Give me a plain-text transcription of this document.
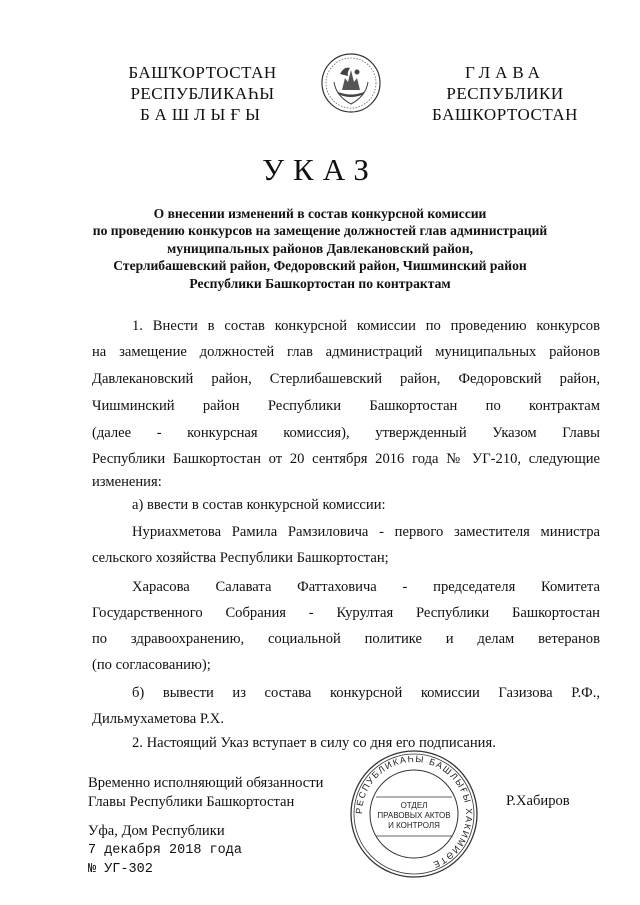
БАШҠОРТОСТАН
РЕСПУБЛИКАҺЫ
БАШЛЫҒЫ
ГЛАВА
РЕСПУБЛИКИ
БАШКОРТОСТАН
УКАЗ
О внесении изменений в состав конкурсной комиссии
по проведению конкурсов на замещение должностей глав администраций
муниципальных районов Давлекановский район,
Стерлибашевский район, Федоровский район, Чишминский район
Республики Башкортостан по контрактам
1. Внести в состав конкурсной комиссии по проведению конкурсов
на замещение должностей глав администраций муниципальных районов
Давлекановский район, Стерлибашевский район, Федоровский район,
Чишминский район Республики Башкортостан по контрактам
(далее - конкурсная комиссия), утвержденный Указом Главы
Республики Башкортостан от 20 сентября 2016 года № УГ-210, следующие
изменения:
а) ввести в состав конкурсной комиссии:
Нуриахметова Рамила Рамзиловича - первого заместителя министра
сельского хозяйства Республики Башкортостан;
Харасова Салавата Фаттаховича - председателя Комитета
Государственного Собрания - Курултая Республики Башкортостан
по здравоохранению, социальной политике и делам ветеранов
(по согласованию);
б) вывести из состава конкурсной комиссии Газизова Р.Ф.,
Дильмухаметова Р.Х.
2. Настоящий Указ вступает в силу со дня его подписания.
Временно исполняющий обязанности
Главы Республики Башкортостан
РЕСПУБЛИКАҺЫ БАШЛЫҒЫ ХАКИМИӘТЕ
ОТДЕЛ
ПРАВОВЫХ АКТОВ
И КОНТРОЛЯ
Р.Хабиров
Уфа, Дом Республики
7 декабря 2018 года
№ УГ-302
